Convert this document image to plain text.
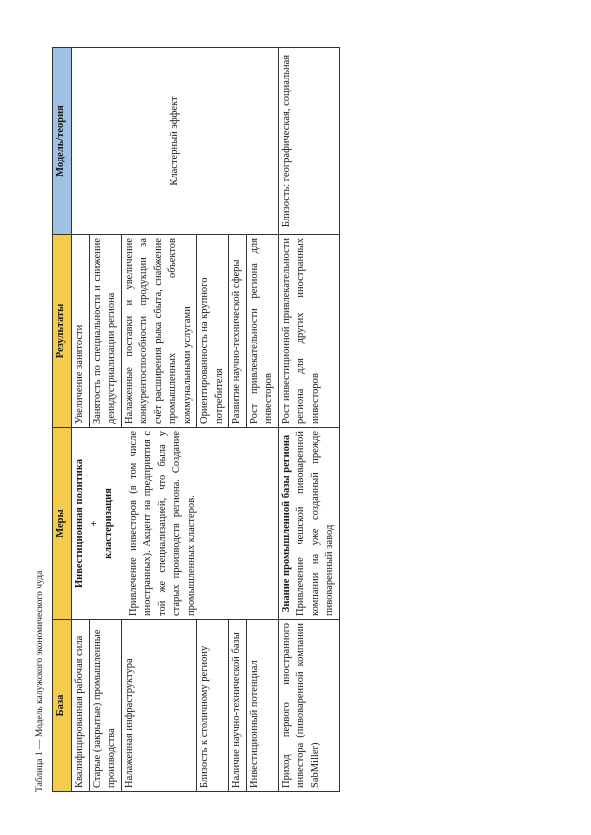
Таблица 1 — Модель калужского экономического чуда База	Меры	Результаты	Модель/теория
Квалифицированная рабочая сила	Инвестиционная политика + кластеризация Привлечение инвесторов (в том числе иностранных). Акцент на предприятия с той же специализацией, что была у старых производств региона. Создание промышленных кластеров.	Увеличение занятости	Кластерный эффект
Старые (закрытые) промышленные производства		Занятость по специальности и снижение деиндустриализации региона	
Налаженная инфраструктура		Налаженные поставки и увеличение конкурентоспособности продукции за счёт расширения рыка сбыта, снабжение промышленных объектов коммунальными услугами	
Близость к столичному региону		Ориентированность на крупного потребителя	
Наличие научно-технической базы		Развитие научно-технической сферы	
Инвестиционный потенциал		Рост привлекательности региона для инвесторов	
Приход первого иностранного инвестора (пивоваренной компании SabMiller)	Знание промышленной базы региона Привлечение чешской пивоваренной компании на уже созданный прежде пивоваренный завод	Рост инвестиционной привлекательности региона для других иностранных инвесторов	Близость: географическая, социальная
